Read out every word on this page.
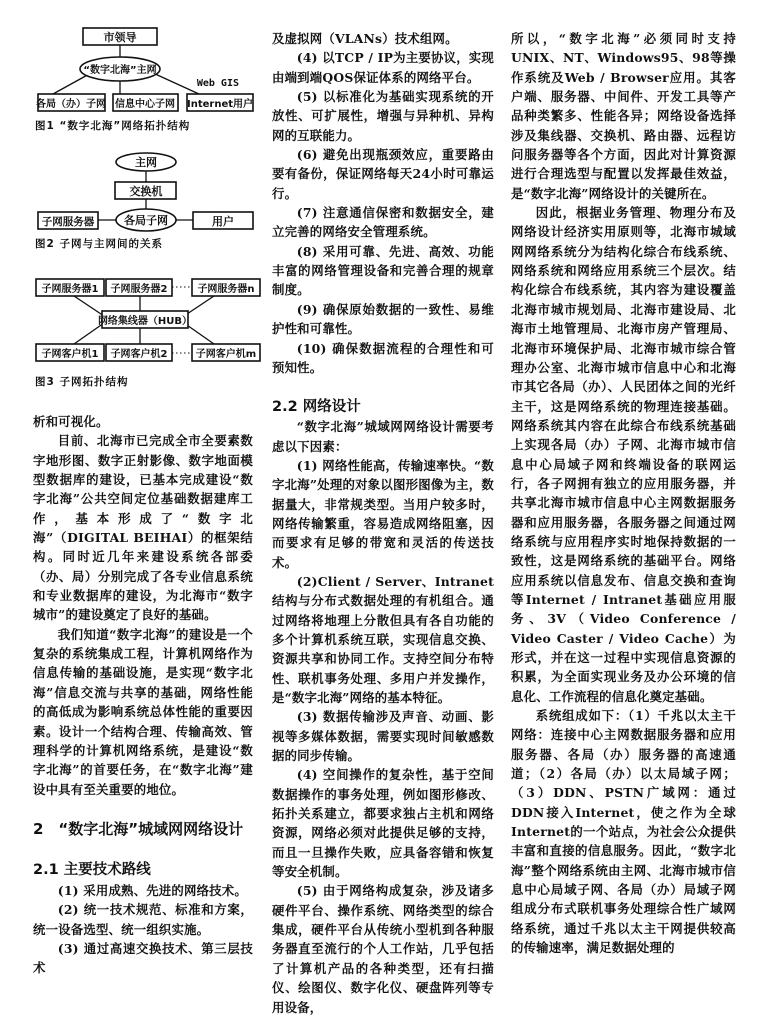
市领导
“数字北海”主网
Web GIS
各局（办）子网 信息中心子网 Internet用户
图1 “数字北海”网络拓扑结构
主网
交换机
各局子网
子网服务器	用户
图2 子网与主网间的关系
子网服务器1 子网服务器2	子网服务器n
网络集线器（HUB）
子网客户机1 子网客户机2	子网客户机m
图3 子网拓扑结构

析和可视化。

目前、北海市已完成全市全要素数字地形图、数字正射影像、数字地面模型数据库的建设，已基本完成建设“数字北海”公共空间定位基础数据建库工作，基本形成了“数字北海”（DIGITAL BEIHAI）的框架结构。同时近几年来建设系统各部委（办、局）分别完成了各专业信息系统和专业数据库的建设，为北海市“数字城市”的建设奠定了良好的基础。

我们知道“数字北海”的建设是一个复杂的系统集成工程，计算机网络作为信息传输的基础设施，是实现“数字北海”信息交流与共享的基础，网络性能的高低成为影响系统总体性能的重要因素。设计一个结构合理、传输高效、管理科学的计算机网络系统，是建设“数字北海”的首要任务，在“数字北海”建设中具有至关重要的地位。

2　“数字北海”城域网网络设计
2.1 主要技术路线

(1) 采用成熟、先进的网络技术。

(2) 统一技术规范、标准和方案，统一设备选型、统一组织实施。

(3) 通过高速交换技术、第三层技术

及虚拟网（VLANs）技术组网。

(4) 以TCP / IP为主要协议，实现由端到端QOS保证体系的网络平台。

(5) 以标准化为基础实现系统的开放性、可扩展性，增强与异种机、异构网的互联能力。

(6) 避免出现瓶颈效应，重要路由要有备份，保证网络每天24小时可靠运行。

(7) 注意通信保密和数据安全，建立完善的网络安全管理系统。

(8) 采用可靠、先进、高效、功能丰富的网络管理设备和完善合理的规章制度。

(9) 确保原始数据的一致性、易维护性和可靠性。

(10) 确保数据流程的合理性和可预知性。

2.2 网络设计

“数字北海”城域网网络设计需要考虑以下因素：

(1) 网络性能高，传输速率快。“数字北海”处理的对象以图形图像为主，数据量大，非常规类型。当用户较多时，网络传输繁重，容易造成网络阻塞，因而要求有足够的带宽和灵活的传送技术。

(2)Client / Server、Intranet结构与分布式数据处理的有机组合。通过网络将地理上分散但具有各自功能的多个计算机系统互联，实现信息交换、资源共享和协同工作。支持空间分布特性、联机事务处理、多用户并发操作，是“数字北海”网络的基本特征。

(3) 数据传输涉及声音、动画、影视等多媒体数据，需要实现时间敏感数据的同步传输。

(4) 空间操作的复杂性，基于空间数据操作的事务处理，例如图形修改、拓扑关系建立，都要求独占主机和网络资源，网络必须对此提供足够的支持，而且一旦操作失败，应具备容错和恢复等安全机制。

(5) 由于网络构成复杂，涉及诸多硬件平台、操作系统、网络类型的综合集成，硬件平台从传统小型机到各种服务器直至流行的个人工作站，几乎包括了计算机产品的各种类型，还有扫描仪、绘图仪、数字化仪、硬盘阵列等专用设备，

所以，“数字北海”必须同时支持UNIX、NT、Windows95、98等操作系统及Web / Browser应用。其客户端、服务器、中间件、开发工具等产品种类繁多、性能各异；网络设备选择涉及集线器、交换机、路由器、远程访问服务器等各个方面，因此对计算资源进行合理选型与配置以发挥最佳效益，是“数字北海”网络设计的关键所在。

因此，根据业务管理、物理分布及网络设计经济实用原则等，北海市城域网网络系统分为结构化综合布线系统、网络系统和网络应用系统三个层次。结构化综合布线系统，其内容为建设覆盖北海市城市规划局、北海市建设局、北海市土地管理局、北海市房产管理局、北海市环境保护局、北海市城市综合管理办公室、北海市城市信息中心和北海市其它各局（办）、人民团体之间的光纤主干，这是网络系统的物理连接基础。网络系统其内容在此综合布线系统基础上实现各局（办）子网、北海市城市信息中心局域子网和终端设备的联网运行，各子网拥有独立的应用服务器，并共享北海市城市信息中心主网数据服务器和应用服务器，各服务器之间通过网络系统与应用程序实时地保持数据的一致性，这是网络系统的基础平台。网络应用系统以信息发布、信息交换和查询等Internet / Intranet基础应用服务、3V（Video Conference / Video Caster / Video Cache）为形式，并在这一过程中实现信息资源的积累，为全面实现业务及办公环境的信息化、工作流程的信息化奠定基础。

系统组成如下：（1）千兆以太主干网络：连接中心主网数据服务器和应用服务器、各局（办）服务器的高速通道；（2）各局（办）以太局域子网；（3）DDN、PSTN广域网：通过DDN接入Internet，使之作为全球Internet的一个站点，为社会公众提供丰富和直接的信息服务。因此，“数字北海”整个网络系统由主网、北海市城市信息中心局域子网、各局（办）局域子网组成分布式联机事务处理综合性广域网络系统，通过千兆以太主干网提供较高的传输速率，满足数据处理的
